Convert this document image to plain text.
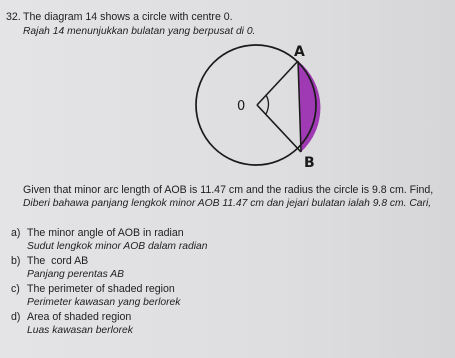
32. The diagram 14 shows a circle with centre 0.
Rajah 14 menunjukkan bulatan yang berpusat di 0.
A
B
0
Given that minor arc length of AOB is 11.47 cm and the radius the circle is 9.8 cm. Find,
Diberi bahawa panjang lengkok minor AOB 11.47 cm dan jejari bulatan ialah 9.8 cm. Cari,
a) The minor angle of AOB in radian
Sudut lengkok minor AOB dalam radian
b) The  cord AB
Panjang perentas AB
c) The perimeter of shaded region
Perimeter kawasan yang berlorek
d) Area of shaded region
Luas kawasan berlorek
